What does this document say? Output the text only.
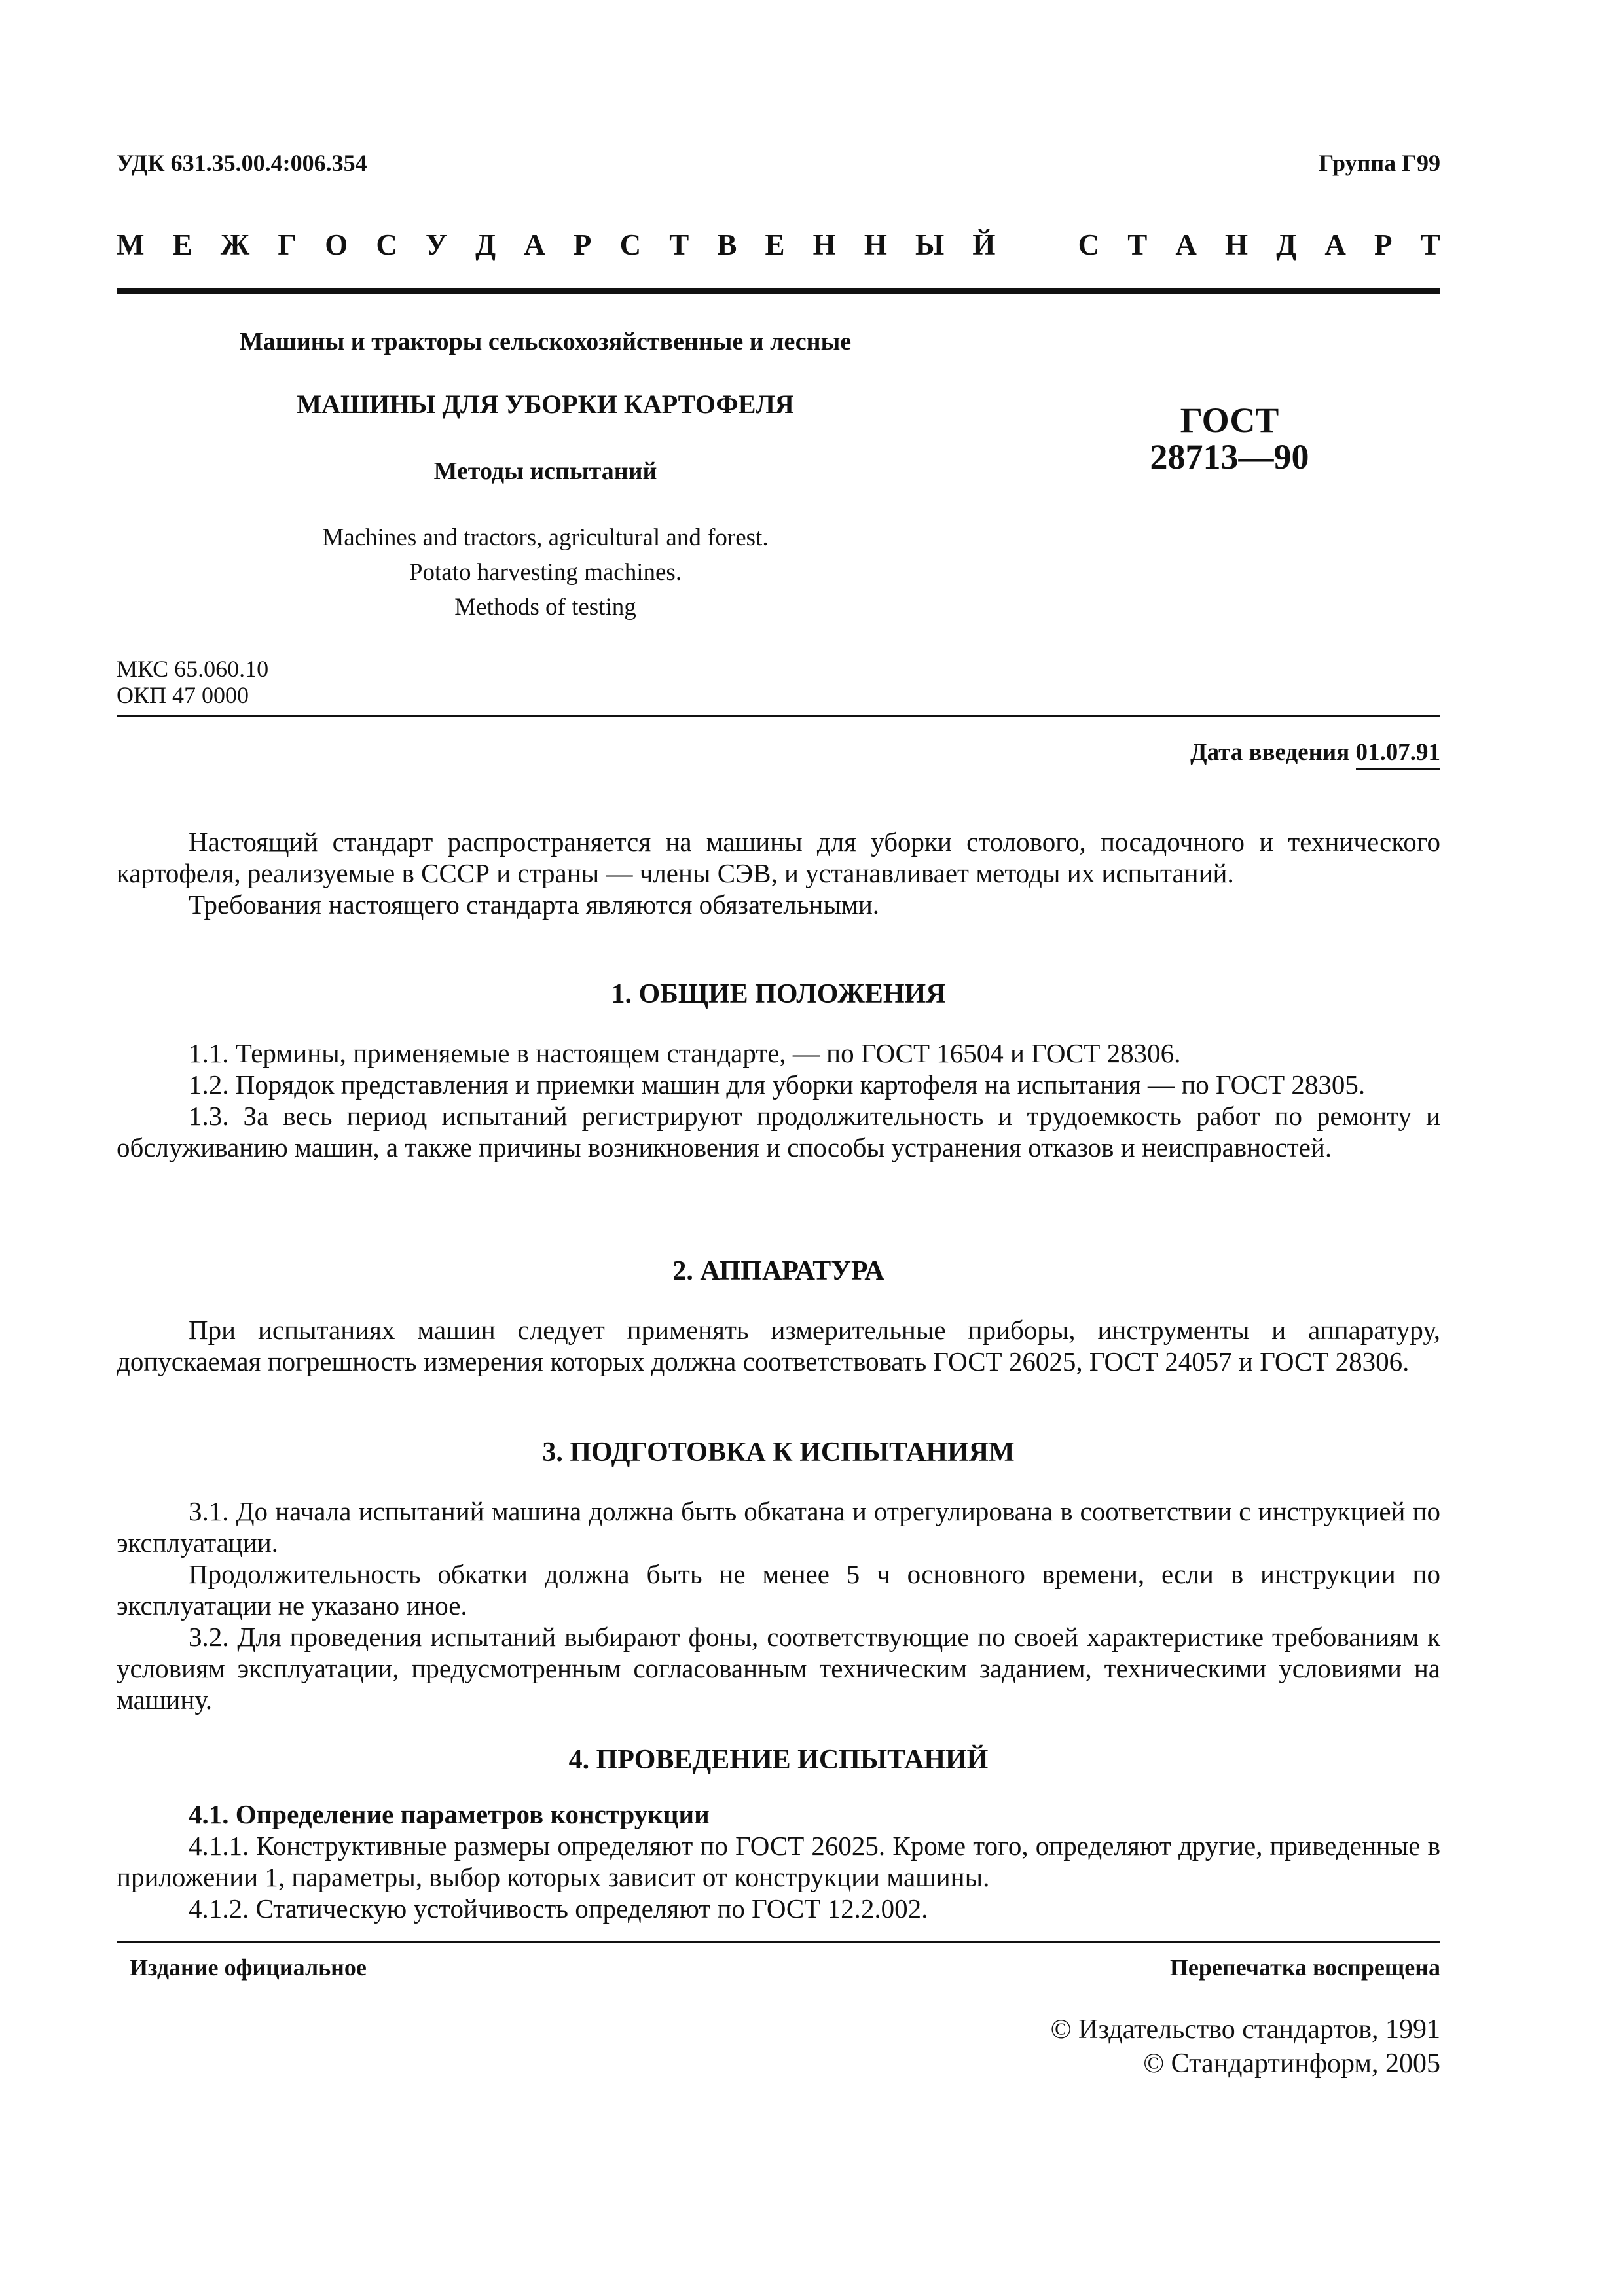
УДК 631.35.00.4:006.354	Группа Г99
М Е Ж Г О С У Д А Р С Т В Е Н Н Ы Й	С Т А Н Д А Р Т
Машины и тракторы сельскохозяйственные и лесные
МАШИНЫ ДЛЯ УБОРКИ КАРТОФЕЛЯ
Методы испытаний
Machines and tractors, agricultural and forest.
Potato harvesting machines.
Methods of testing
ГОСТ
28713—90
МКС 65.060.10
ОКП 47 0000
Дата введения 01.07.91

Настоящий стандарт распространяется на машины для уборки столового, посадочного и технического картофеля, реализуемые в СССР и страны — члены СЭВ, и устанавливает методы их испытаний.

Требования настоящего стандарта являются обязательными.

1. ОБЩИЕ ПОЛОЖЕНИЯ

1.1. Термины, применяемые в настоящем стандарте, — по ГОСТ 16504 и ГОСТ 28306.

1.2. Порядок представления и приемки машин для уборки картофеля на испытания — по ГОСТ 28305.

1.3. За весь период испытаний регистрируют продолжительность и трудоемкость работ по ремонту и обслуживанию машин, а также причины возникновения и способы устранения отказов и неисправностей.

2. АППАРАТУРА

При испытаниях машин следует применять измерительные приборы, инструменты и аппаратуру, допускаемая погрешность измерения которых должна соответствовать ГОСТ 26025, ГОСТ 24057 и ГОСТ 28306.

3. ПОДГОТОВКА К ИСПЫТАНИЯМ

3.1. До начала испытаний машина должна быть обкатана и отрегулирована в соответствии с инструкцией по эксплуатации.

Продолжительность обкатки должна быть не менее 5 ч основного времени, если в инструкции по эксплуатации не указано иное.

3.2. Для проведения испытаний выбирают фоны, соответствующие по своей характеристике требованиям к условиям эксплуатации, предусмотренным согласованным техническим заданием, техническими условиями на машину.

4. ПРОВЕДЕНИЕ ИСПЫТАНИЙ

4.1. Определение параметров конструкции

4.1.1. Конструктивные размеры определяют по ГОСТ 26025. Кроме того, определяют другие, приведенные в приложении 1, параметры, выбор которых зависит от конструкции машины.

4.1.2. Статическую устойчивость определяют по ГОСТ 12.2.002.

Издание официальное	Перепечатка воспрещена
© Издательство стандартов, 1991
© Стандартинформ, 2005
